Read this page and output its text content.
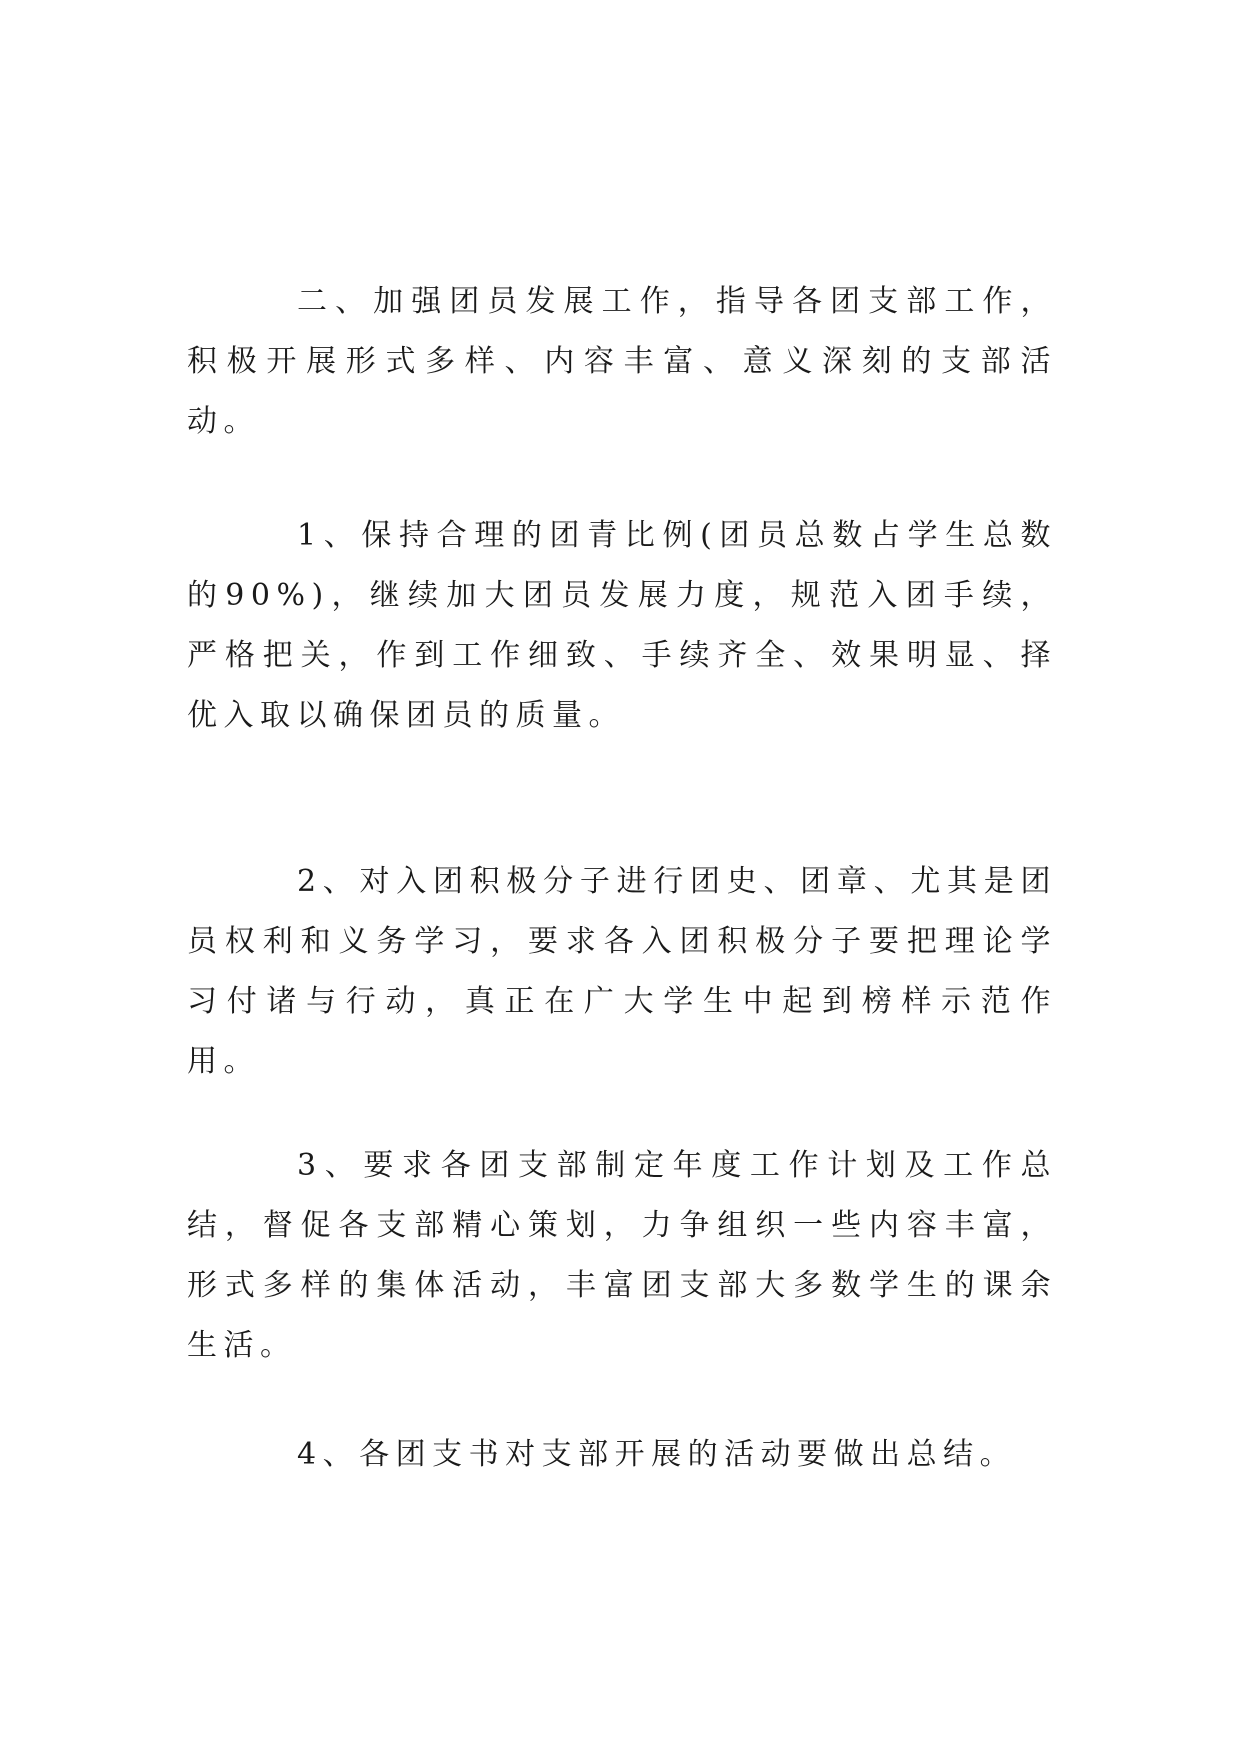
二、加强团员发展工作，指导各团支部工作，积极开展形式多样、内容丰富、意义深刻的支部活动。

1、保持合理的团青比例(团员总数占学生总数的90%)，继续加大团员发展力度，规范入团手续，严格把关，作到工作细致、手续齐全、效果明显、择优入取以确保团员的质量。

2、对入团积极分子进行团史、团章、尤其是团员权利和义务学习，要求各入团积极分子要把理论学习付诸与行动，真正在广大学生中起到榜样示范作用。

3、要求各团支部制定年度工作计划及工作总结，督促各支部精心策划，力争组织一些内容丰富，形式多样的集体活动，丰富团支部大多数学生的课余生活。

4、各团支书对支部开展的活动要做出总结。
